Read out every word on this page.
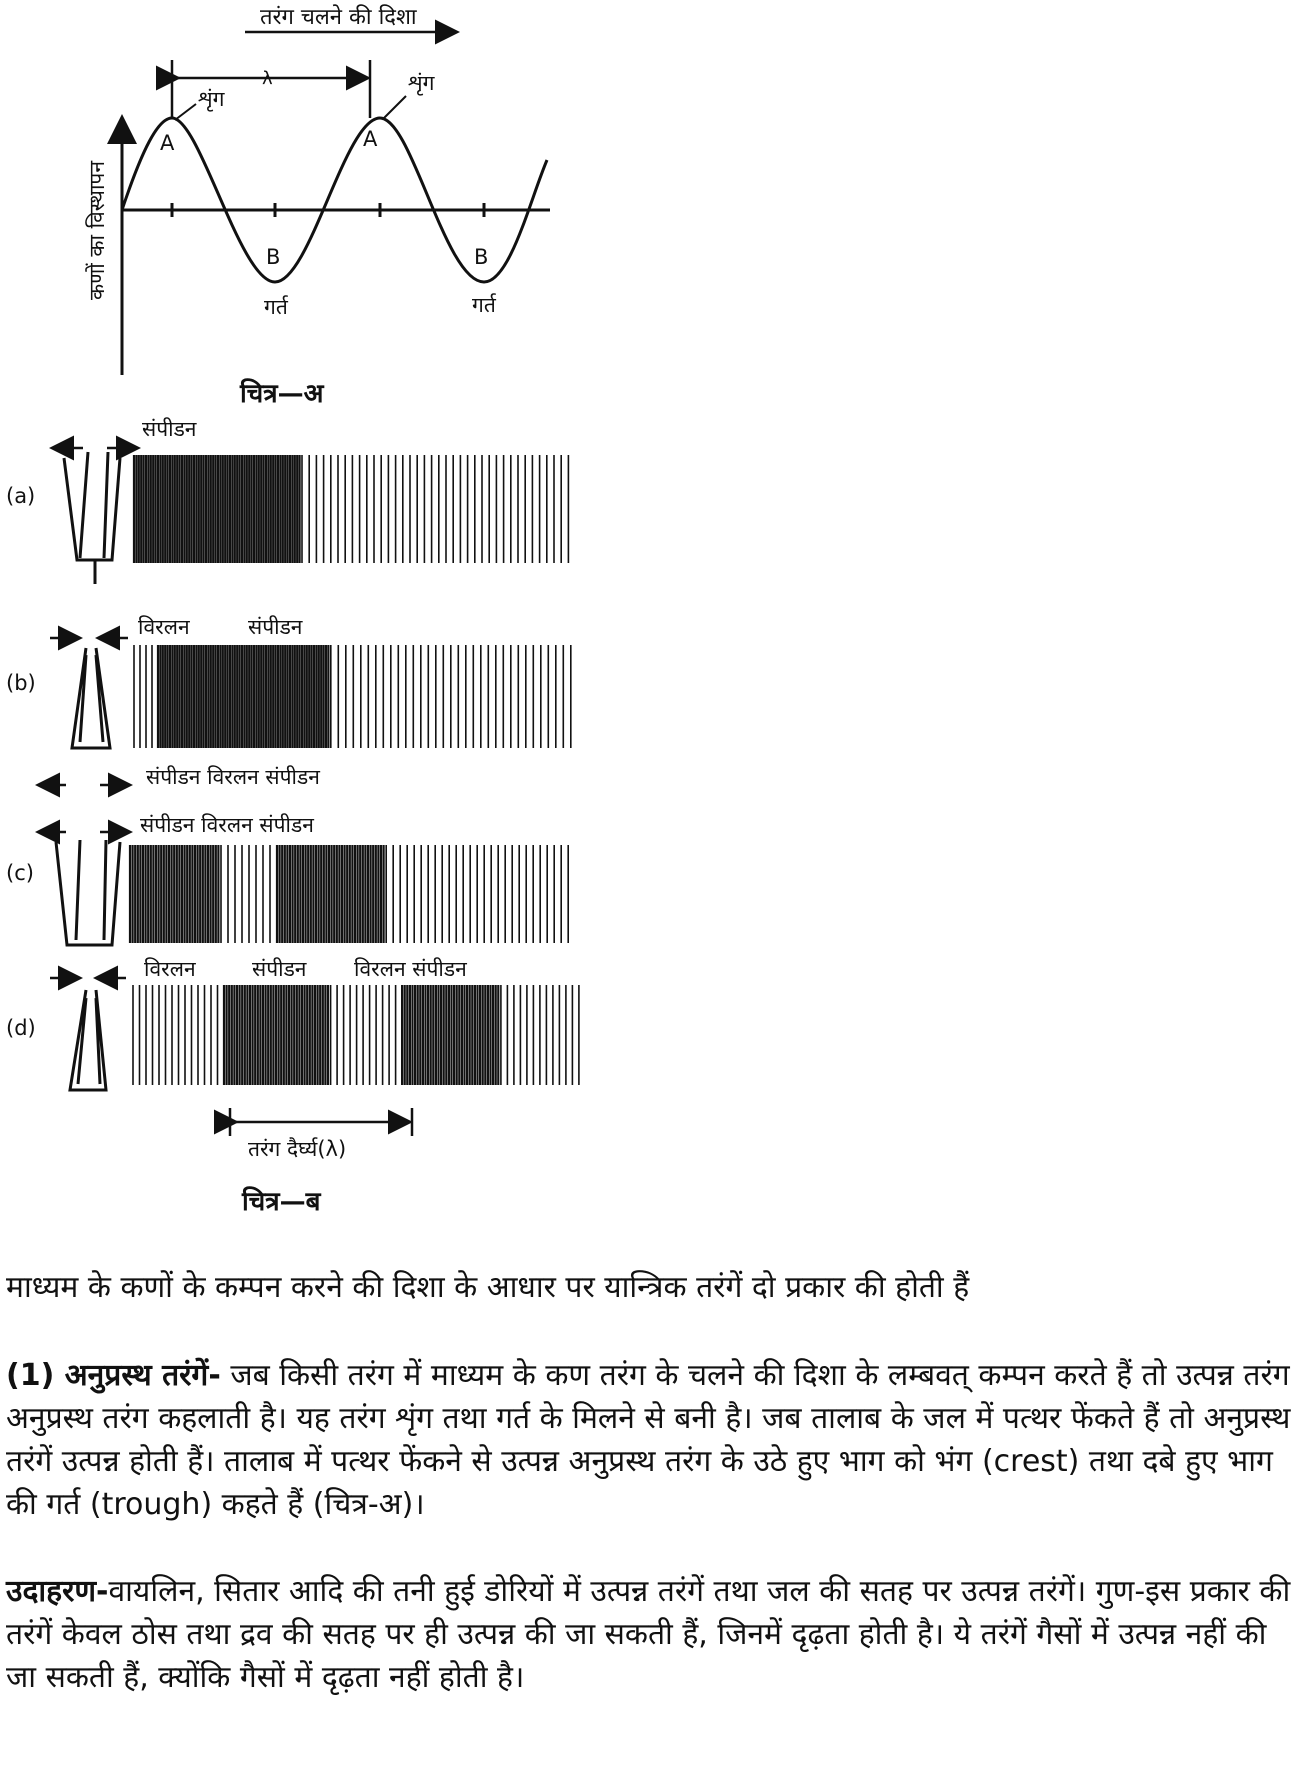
तरंग चलने की दिशा
कणों का विस्थापन
λ
शृंग
शृंग
A	A
B	B
गर्त	गर्त
चित्र—अ
(a)
संपीडन
(b)
विरलन	संपीडन
संपीडन विरलन संपीडन
(c)
संपीडन विरलन संपीडन
(d)
विरलन	संपीडन विरलन संपीडन
तरंग दैर्घ्य(λ)
चित्र—ब

माध्यम के कणों के कम्पन करने की दिशा के आधार पर यान्त्रिक तरंगें दो प्रकार की होती हैं

(1) अनुप्रस्थ तरंगें- जब किसी तरंग में माध्यम के कण तरंग के चलने की दिशा के लम्बवत् कम्पन करते हैं तो उत्पन्न तरंग अनुप्रस्थ तरंग कहलाती है। यह तरंग शृंग तथा गर्त के मिलने से बनी है। जब तालाब के जल में पत्थर फेंकते हैं तो अनुप्रस्थ तरंगें उत्पन्न होती हैं। तालाब में पत्थर फेंकने से उत्पन्न अनुप्रस्थ तरंग के उठे हुए भाग को भंग (crest) तथा दबे हुए भाग की गर्त (trough) कहते हैं (चित्र-अ)।

उदाहरण-वायलिन, सितार आदि की तनी हुई डोरियों में उत्पन्न तरंगें तथा जल की सतह पर उत्पन्न तरंगें। गुण-इस प्रकार की तरंगें केवल ठोस तथा द्रव की सतह पर ही उत्पन्न की जा सकती हैं, जिनमें दृढ़ता होती है। ये तरंगें गैसों में उत्पन्न नहीं की जा सकती हैं, क्योंकि गैसों में दृढ़ता नहीं होती है।
